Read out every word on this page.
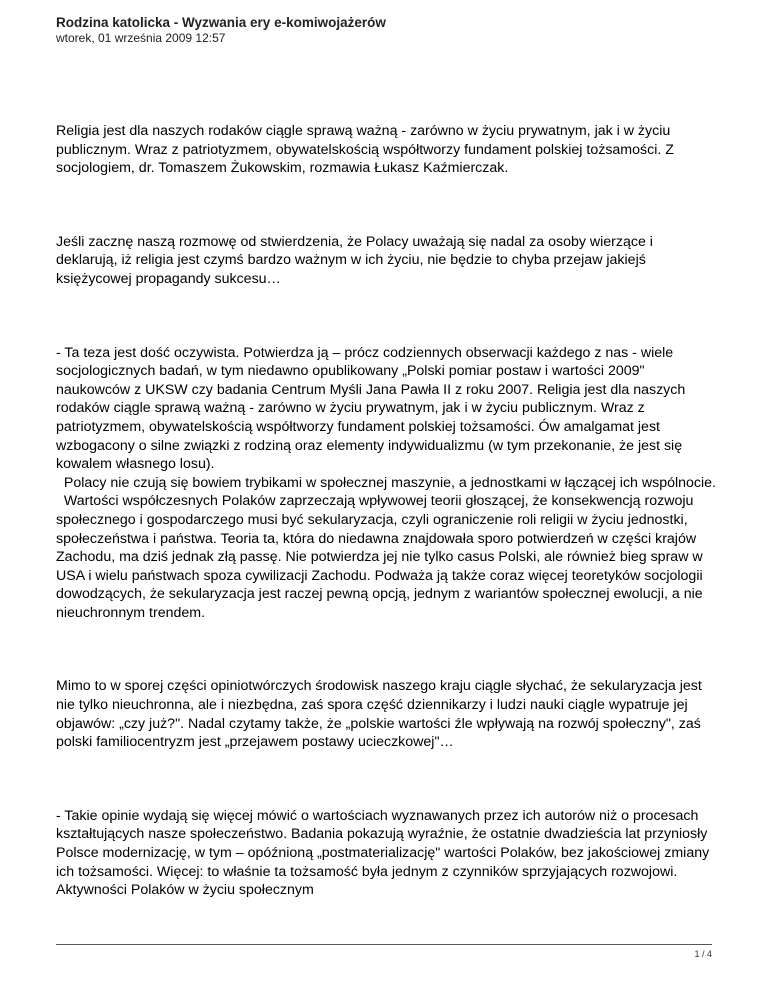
Rodzina katolicka - Wyzwania ery e-komiwojażerów
wtorek, 01 września 2009 12:57

Religia jest dla naszych rodaków ciągle sprawą ważną - zarówno w życiu prywatnym, jak i w życiu publicznym. Wraz z patriotyzmem, obywatelskością współtworzy fundament polskiej tożsamości. Z socjologiem, dr. Tomaszem Żukowskim, rozmawia Łukasz Kaźmierczak.

Jeśli zacznę naszą rozmowę od stwierdzenia, że Polacy uważają się nadal za osoby wierzące i deklarują, iż religia jest czymś bardzo ważnym w ich życiu, nie będzie to chyba przejaw jakiejś księżycowej propagandy sukcesu…

- Ta teza jest dość oczywista. Potwierdza ją – prócz codziennych obserwacji każdego z nas - wiele socjologicznych badań, w tym niedawno opublikowany „Polski pomiar postaw i wartości 2009" naukowców z UKSW czy badania Centrum Myśli Jana Pawła II z roku 2007. Religia jest dla naszych rodaków ciągle sprawą ważną - zarówno w życiu prywatnym, jak i w życiu publicznym. Wraz z patriotyzmem, obywatelskością współtworzy fundament polskiej tożsamości. Ów amalgamat jest wzbogacony o silne związki z rodziną oraz elementy indywidualizmu (w tym przekonanie, że jest się kowalem własnego losu).
Polacy nie czują się bowiem trybikami w społecznej maszynie, a jednostkami w łączącej ich wspólnocie.
Wartości współczesnych Polaków zaprzeczają wpływowej teorii głoszącej, że konsekwencją rozwoju społecznego i gospodarczego musi być sekularyzacja, czyli ograniczenie roli religii w życiu jednostki, społeczeństwa i państwa. Teoria ta, która do niedawna znajdowała sporo potwierdzeń w części krajów Zachodu, ma dziś jednak złą passę. Nie potwierdza jej nie tylko casus Polski, ale również bieg spraw w USA i wielu państwach spoza cywilizacji Zachodu. Podważa ją także coraz więcej teoretyków socjologii dowodzących, że sekularyzacja jest raczej pewną opcją, jednym z wariantów społecznej ewolucji, a nie nieuchronnym trendem.

Mimo to w sporej części opiniotwórczych środowisk naszego kraju ciągle słychać, że sekularyzacja jest nie tylko nieuchronna, ale i niezbędna, zaś spora część dziennikarzy i ludzi nauki ciągle wypatruje jej objawów: „czy już?". Nadal czytamy także, że „polskie wartości źle wpływają na rozwój społeczny", zaś polski familiocentryzm jest „przejawem postawy ucieczkowej"…

- Takie opinie wydają się więcej mówić o wartościach wyznawanych przez ich autorów niż o procesach kształtujących nasze społeczeństwo. Badania pokazują wyraźnie, że ostatnie dwadzieścia lat przyniosły Polsce modernizację, w tym – opóźnioną „postmaterializację" wartości Polaków, bez jakościowej zmiany ich tożsamości. Więcej: to właśnie ta tożsamość była jednym z czynników sprzyjających rozwojowi. Aktywności Polaków w życiu społecznym

1 / 4
